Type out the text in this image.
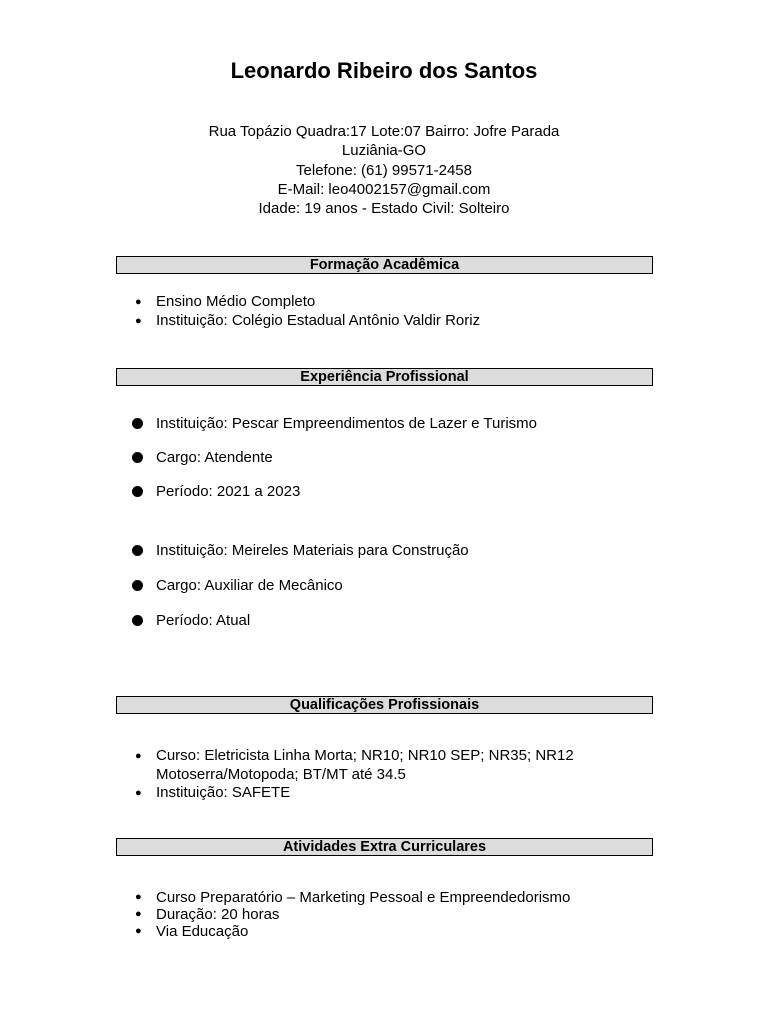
Leonardo Ribeiro dos Santos
Rua Topázio Quadra:17 Lote:07 Bairro: Jofre Parada
Luziânia-GO
Telefone: (61) 99571-2458
E-Mail: leo4002157@gmail.com
Idade: 19 anos - Estado Civil: Solteiro
Formação Acadêmica
● Ensino Médio Completo
● Instituição: Colégio Estadual Antônio Valdir Roriz
Experiência Profissional
Instituição: Pescar Empreendimentos de Lazer e Turismo
Cargo: Atendente
Período: 2021 a 2023
Instituição: Meireles Materiais para Construção
Cargo: Auxiliar de Mecânico
Período: Atual
Qualificações Profissionais
● Curso: Eletricista Linha Morta; NR10; NR10 SEP; NR35; NR12
Motoserra/Motopoda; BT/MT até 34.5
● Instituição: SAFETE
Atividades Extra Curriculares
● Curso Preparatório – Marketing Pessoal e Empreendedorismo
● Duração: 20 horas
● Via Educação
